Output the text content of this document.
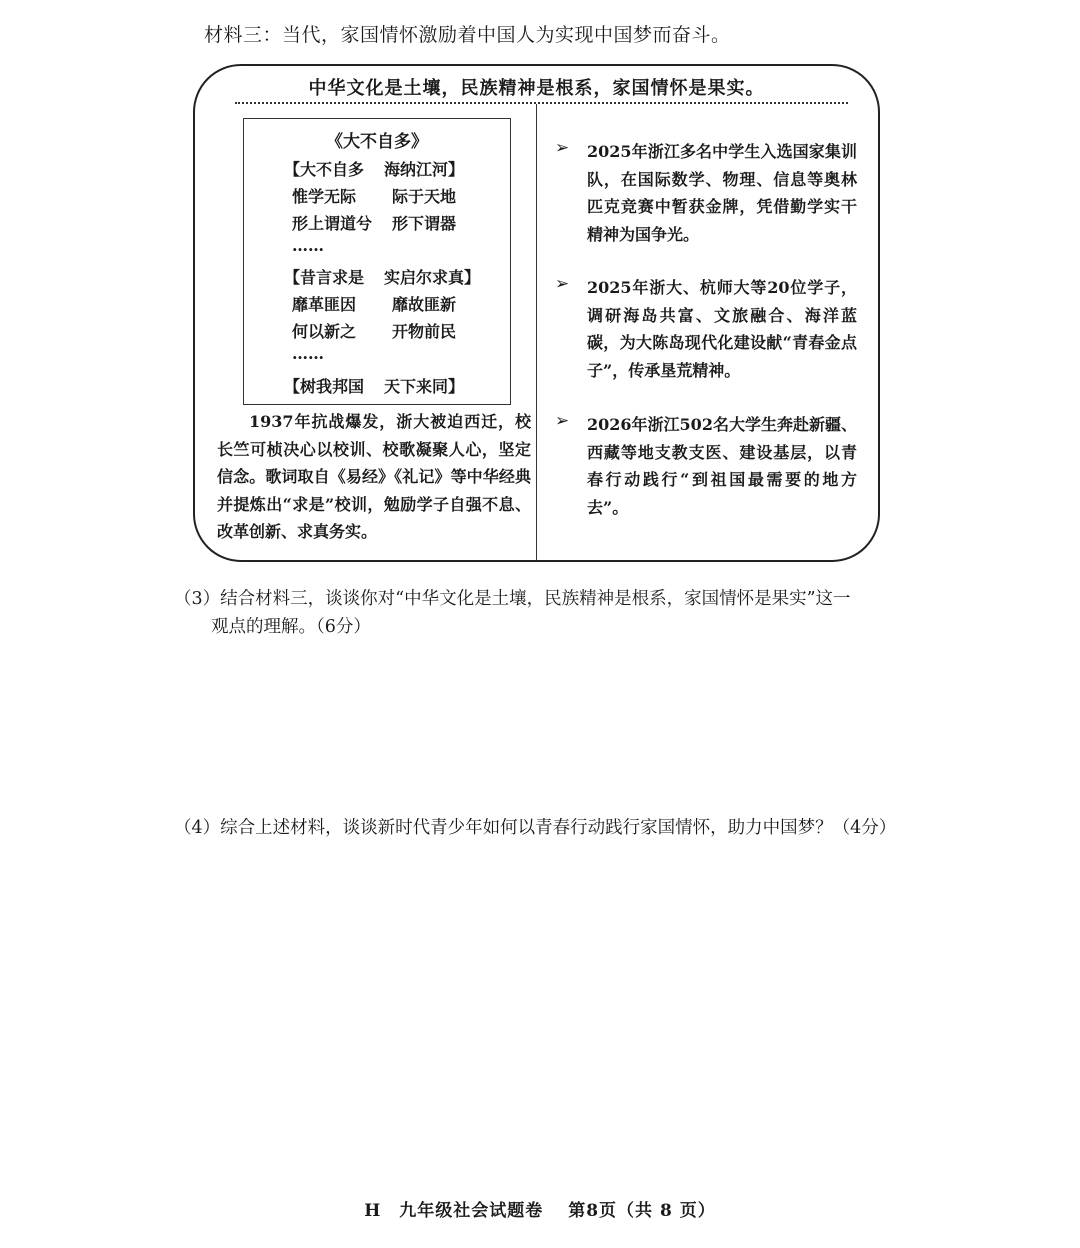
材料三：当代，家国情怀激励着中国人为实现中国梦而奋斗。
中华文化是土壤，民族精神是根系，家国情怀是果实。
《大不自多》
【大不自多 海纳江河】
惟学无际 际于天地
形上谓道兮 形下谓器
……
【昔言求是 实启尔求真】
靡革匪因 靡故匪新
何以新之 开物前民
……
【树我邦国 天下来同】
1937年抗战爆发，浙大被迫西迁，校长竺可桢决心以校训、校歌凝聚人心，坚定信念。歌词取自《易经》《礼记》等中华经典并提炼出“求是”校训，勉励学子自强不息、改革创新、求真务实。
➢ 2025年浙江多名中学生入选国家集训队，在国际数学、物理、信息等奥林匹克竞赛中暂获金牌，凭借勤学实干精神为国争光。
➢ 2025年浙大、杭师大等20位学子，调研海岛共富、文旅融合、海洋蓝碳，为大陈岛现代化建设献“青春金点子”，传承垦荒精神。
➢ 2026年浙江502名大学生奔赴新疆、西藏等地支教支医、建设基层，以青春行动践行“到祖国最需要的地方去”。
（3）结合材料三，谈谈你对“中华文化是土壤，民族精神是根系，家国情怀是果实”这一
观点的理解。（6分）
（4）综合上述材料，谈谈新时代青少年如何以青春行动践行家国情怀，助力中国梦？（4分）
H　九年级社会试题卷　 第8页（共 8 页）
